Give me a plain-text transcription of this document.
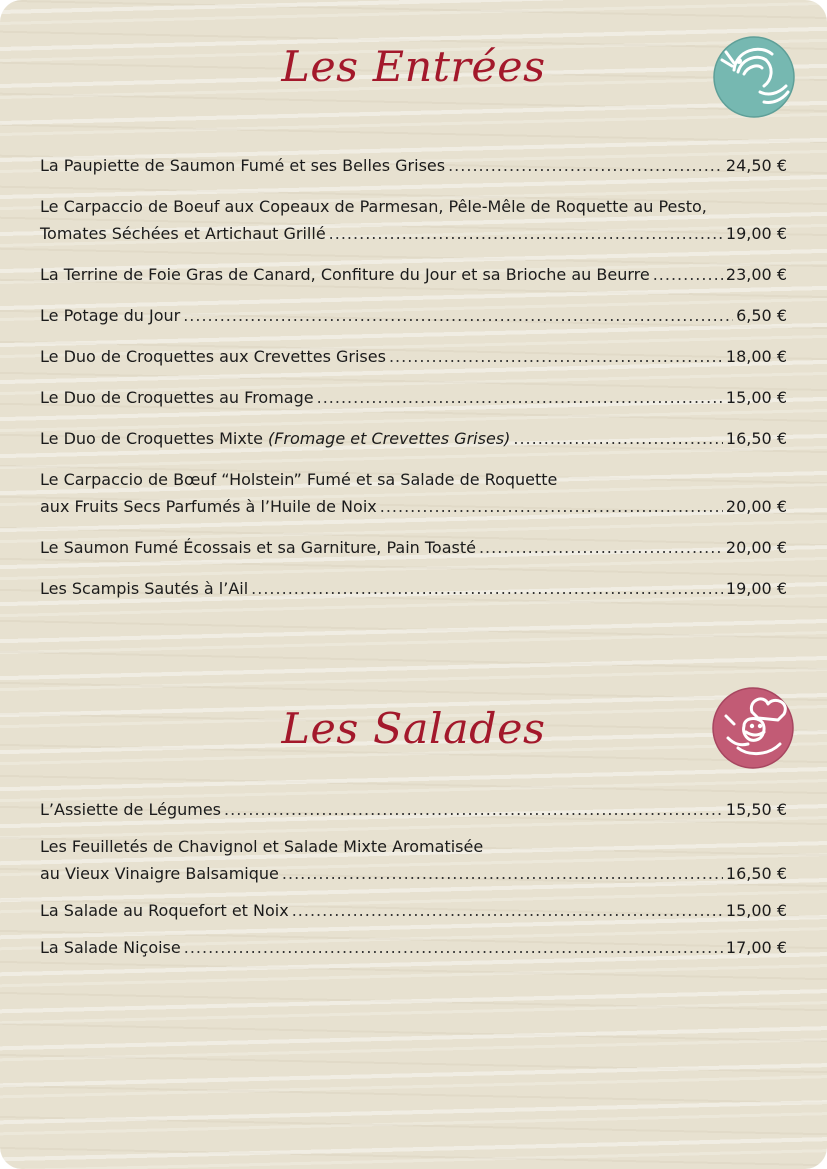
Les Entrées
La Paupiette de Saumon Fumé et ses Belles Grises .....	24,50 €
Le Carpaccio de Boeuf aux Copeaux de Parmesan, Pêle-Mêle de Roquette au Pesto,
Tomates Séchées et Artichaut Grillé .....	19,00 €
La Terrine de Foie Gras de Canard, Confiture du Jour et sa Brioche au Beurre .....	23,00 €
Le Potage du Jour .....	6,50 €
Le Duo de Croquettes aux Crevettes Grises .....	18,00 €
Le Duo de Croquettes au Fromage .....	15,00 €
Le Duo de Croquettes Mixte (Fromage et Crevettes Grises) .....	16,50 €
Le Carpaccio de Bœuf “Holstein” Fumé et sa Salade de Roquette
aux Fruits Secs Parfumés à l’Huile de Noix .....	20,00 €
Le Saumon Fumé Écossais et sa Garniture, Pain Toasté .....	20,00 €
Les Scampis Sautés à l’Ail .....	19,00 €
Les Salades
L’Assiette de Légumes .....	15,50 €
Les Feuilletés de Chavignol et Salade Mixte Aromatisée
au Vieux Vinaigre Balsamique .....	16,50 €
La Salade au Roquefort et Noix .....	15,00 €
La Salade Niçoise .....	17,00 €
